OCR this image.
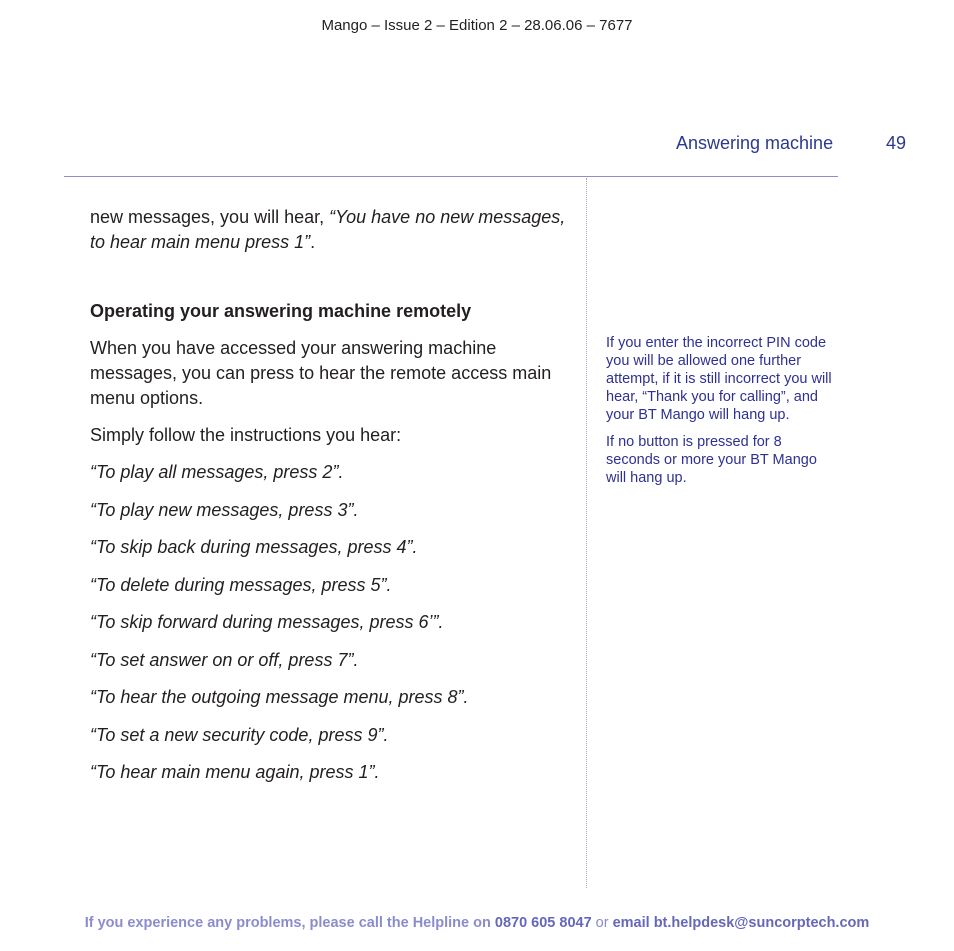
Mango – Issue 2 – Edition 2 – 28.06.06 – 7677
Answering machine	49

new messages, you will hear, “You have no new messages, to hear main menu press 1”.

Operating your answering machine remotely

When you have accessed your answering machine messages, you can press to hear the remote access main menu options.

Simply follow the instructions you hear:

“To play all messages, press 2”.

“To play new messages, press 3”.

“To skip back during messages, press 4”.

“To delete during messages, press 5”.

“To skip forward during messages, press 6’”.

“To set answer on or off, press 7”.

“To hear the outgoing message menu, press 8”.

“To set a new security code, press 9”.

“To hear main menu again, press 1”.

If you enter the incorrect PIN code you will be allowed one further attempt, if it is still incorrect you will hear, “Thank you for calling”, and your BT Mango will hang up.

If no button is pressed for 8 seconds or more your BT Mango will hang up.

If you experience any problems, please call the Helpline on 0870 605 8047 or email bt.helpdesk@suncorptech.com
